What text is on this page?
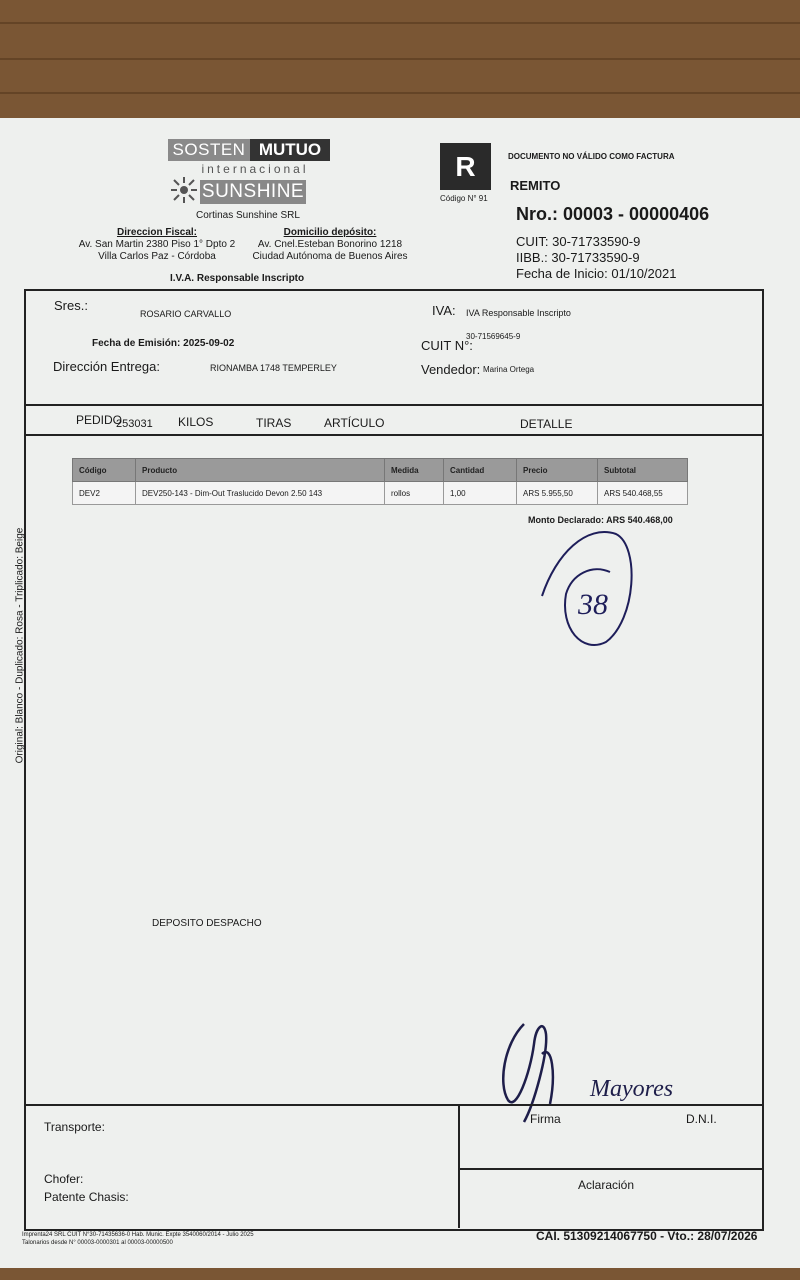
SOSTEN MUTUO
internacional
SUNSHINE
Cortinas Sunshine SRL
Direccion Fiscal:
Av. San Martin 2380 Piso 1° Dpto 2
Villa Carlos Paz - Córdoba
Domicilio depósito:
Av. Cnel.Esteban Bonorino 1218
Ciudad Autónoma de Buenos Aires
I.V.A. Responsable Inscripto
R
Código N° 91
DOCUMENTO NO VÁLIDO COMO FACTURA
REMITO
Nro.: 00003 - 00000406
CUIT: 30-71733590-9
IIBB.: 30-71733590-9
Fecha de Inicio: 01/10/2021
Sres.:
ROSARIO CARVALLO	IVA: IVA Responsable Inscripto
Fecha de Emisión: 2025-09-02	CUIT N°:
30-71569645-9
Dirección Entrega:	RIONAMBA 1748 TEMPERLEY	Vendedor: Marina Ortega
PEDIDO
253031 KILOS	TIRAS	ARTÍCULO	DETALLE
Código	Producto	Medida	Cantidad	Precio	Subtotal
DEV2	DEV250-143 - Dim-Out Traslucido Devon 2.50 143	rollos	1,00	ARS 5.955,50	ARS 540.468,55
Monto Declarado: ARS 540.468,00
38
DEPOSITO DESPACHO
Mayores
Transporte:
Chofer:
Patente Chasis:
Firma	D.N.I.
Aclaración
Imprenta24 SRL CUIT N°30-71435636-0 Hab. Munic. Expte 3540060/2014 - Julio 2025
Talonarios desde N° 00003-0000301 al 00003-00000500	CAI. 51309214067750 - Vto.: 28/07/2026
Original: Blanco - Duplicado: Rosa - Triplicado: Beige
